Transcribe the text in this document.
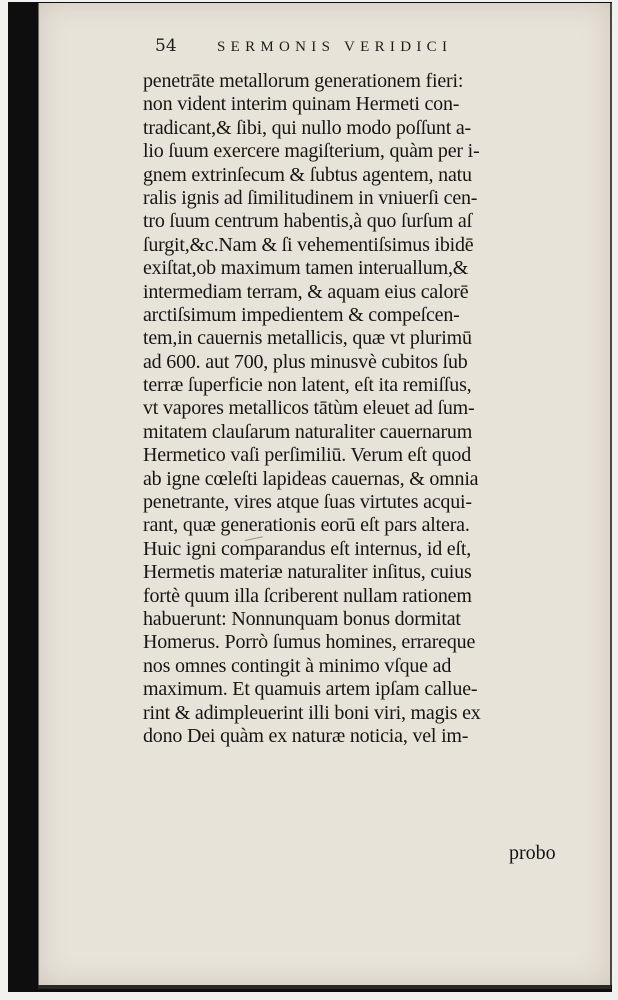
54	SERMONIS VERIDICI
penetrāte metallorum generationem fieri:
non vident interim quinam Hermeti con-
tradicant,& ſibi, qui nullo modo poſſunt a-
lio ſuum exercere magiſterium, quàm per i-
gnem extrinſecum & ſubtus agentem, natu
ralis ignis ad ſimilitudinem in vniuerſi cen-
tro ſuum centrum habentis,à quo ſurſum aſ
ſurgit,&c.Nam & ſi vehementiſsimus ibidē
exiſtat,ob maximum tamen interuallum,&
intermediam terram, & aquam eius calorē
arctiſsimum impedientem & compeſcen-
tem,in cauernis metallicis, quæ vt plurimū
ad 600. aut 700, plus minusvè cubitos ſub
terræ ſuperficie non latent, eſt ita remiſſus,
vt vapores metallicos tātùm eleuet ad ſum-
mitatem clauſarum naturaliter cauernarum
Hermetico vaſi perſimiliū. Verum eſt quod
ab igne cœleſti lapideas cauernas, & omnia
penetrante, vires atque ſuas virtutes acqui-
rant, quæ generationis eorū eſt pars altera.
Huic igni comparandus eſt internus, id eſt,
Hermetis materiæ naturaliter inſitus, cuius
fortè quum illa ſcriberent nullam rationem
habuerunt: Nonnunquam bonus dormitat
Homerus. Porrò ſumus homines, errareque
nos omnes contingit à minimo vſque ad
maximum. Et quamuis artem ipſam calluе-
rint & adimpleuerint illi boni viri, magis ex
dono Dei quàm ex naturæ noticia, vel im-
probo
